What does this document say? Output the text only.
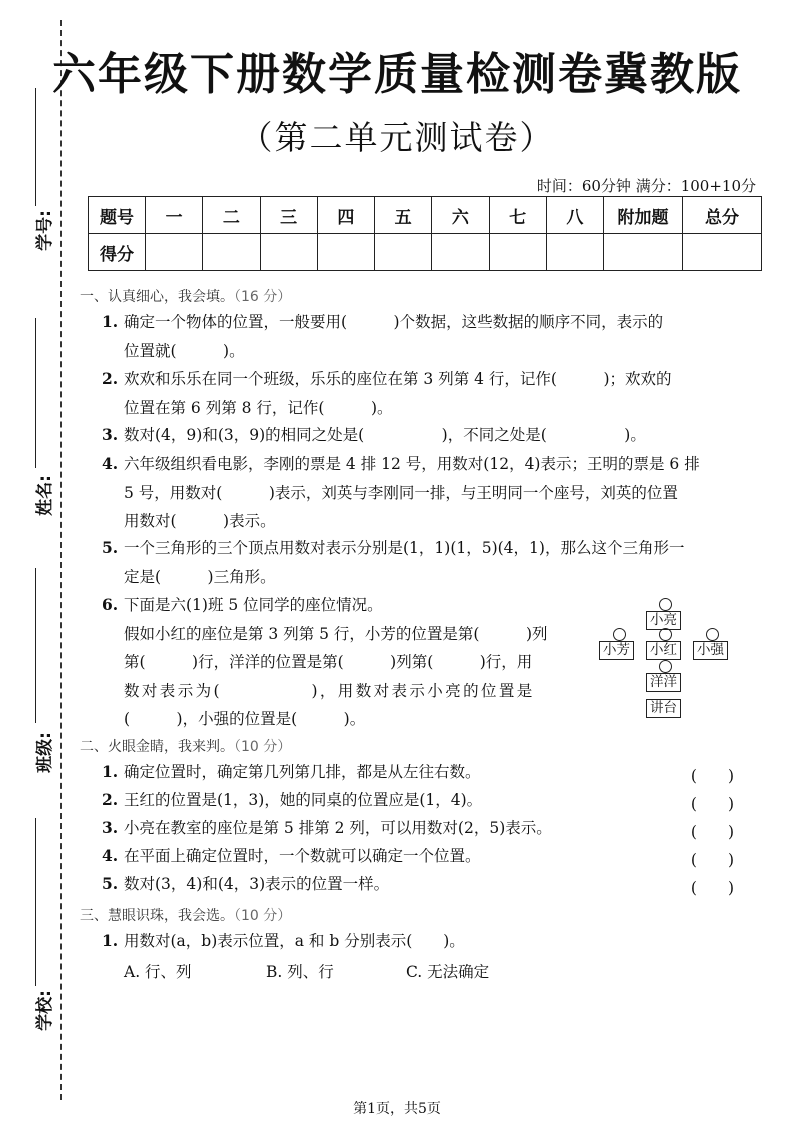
学号:
姓名:
班级:
学校:
六年级下册数学质量检测卷冀教版
（第二单元测试卷）
时间：60分钟 满分：100+10分
题号	一	二	三	四	五	六	七	八	附加题	总分
得分										
一、认真细心，我会填。（16 分）
1. 确定一个物体的位置，一般要用(　　　)个数据，这些数据的顺序不同，表示的
位置就(　　　)。
2. 欢欢和乐乐在同一个班级，乐乐的座位在第 3 列第 4 行，记作(　　　)；欢欢的
位置在第 6 列第 8 行，记作(　　　)。
3. 数对(4，9)和(3，9)的相同之处是(　　　　　)，不同之处是(　　　　　)。
4. 六年级组织看电影，李刚的票是 4 排 12 号，用数对(12，4)表示；王明的票是 6 排
5 号，用数对(　　　)表示，刘英与李刚同一排，与王明同一个座号，刘英的位置
用数对(　　　)表示。
5. 一个三角形的三个顶点用数对表示分别是(1，1)(1，5)(4，1)，那么这个三角形一
定是(　　　)三角形。
6. 下面是六(1)班 5 位同学的座位情况。
假如小红的座位是第 3 列第 5 行，小芳的位置是第(　　　)列
第(　　　)行，洋洋的位置是第(　　　)列第(　　　)行，用
数对表示为(　　　　　)，用数对表示小亮的位置是
(　　　)，小强的位置是(　　　)。
小亮
小芳 小红 小强
洋洋
讲台
二、火眼金睛，我来判。（10 分）
1. 确定位置时，确定第几列第几排，都是从左往右数。	(　　)
2. 王红的位置是(1，3)，她的同桌的位置应是(1，4)。	(　　)
3. 小亮在教室的座位是第 5 排第 2 列，可以用数对(2，5)表示。	(　　)
4. 在平面上确定位置时，一个数就可以确定一个位置。	(　　)
5. 数对(3，4)和(4，3)表示的位置一样。	(　　)
三、慧眼识珠，我会选。（10 分）
1. 用数对(a，b)表示位置，a 和 b 分别表示(　　)。
A. 行、列	B. 列、行	C. 无法确定
第1页，共5页
